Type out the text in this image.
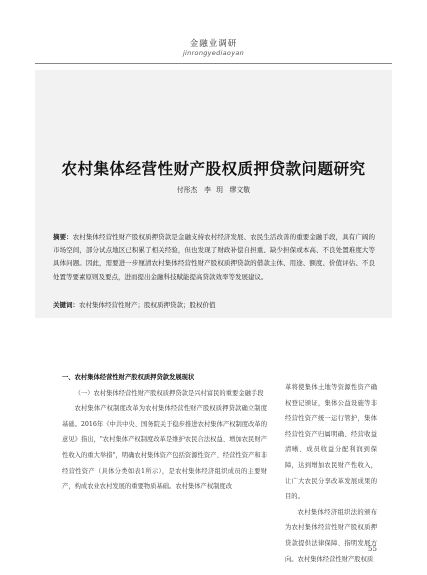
金融业调研
jinrongyediaoyan
农村集体经营性财产股权质押贷款问题研究
付彤杰　李 玥　缪文敬
摘要：农村集体经营性财产股权质押贷款是金融支持农村经济发展、农民生活改善的重要金融手段，具有广阔的市场空间，部分试点地区已积累了相关经验，但也发现了财政补偿自担重、缺少担保或本高、不良处置难度大等具体问题。因此，需要进一步厘清农村集体经营性财产股权质押贷款的借款主体、用途、额度、价值评估、不良处置等要素原则及要点，进而提出金融科技赋能提高贷款效率等发展建议。
关键词：农村集体经营性财产；股权质押贷款；股权价值

一、农村集体经营性财产股权质押贷款发展现状

（一）农村集体经营性财产股权质押贷款是兴村富民的重要金融手段

农村集体产权制度改革为农村集体经营性财产股权质押贷款确立制度基础。2016年《中共中央、国务院关于稳步推进农村集体产权制度改革的意见》指出，"农村集体产权制度改革是维护农民合法权益、增加农民财产性收入的重大举措"，明确农村集体资产包括资源性资产、经营性资产和非经营性资产（具体分类如表1所示），是农村集体经济组织成员的主要财产，构成农业农村发展的重要物质基础。农村集体产权制度改

革将使集体土地等资源性资产确权登记颁证，集体公益设施等非经营性资产统一运行管护，集体经营性资产归属明确、经营收益清晰、成员收益分配利润到保障，达到增加农民财产性收入，让广大农民分享改革发展成果的目的。

农村集体经济组织法的颁布为农村集体经营性财产股权质押贷款提供法律保障、指明发展方向。农村集体经营性财产股权质

55
